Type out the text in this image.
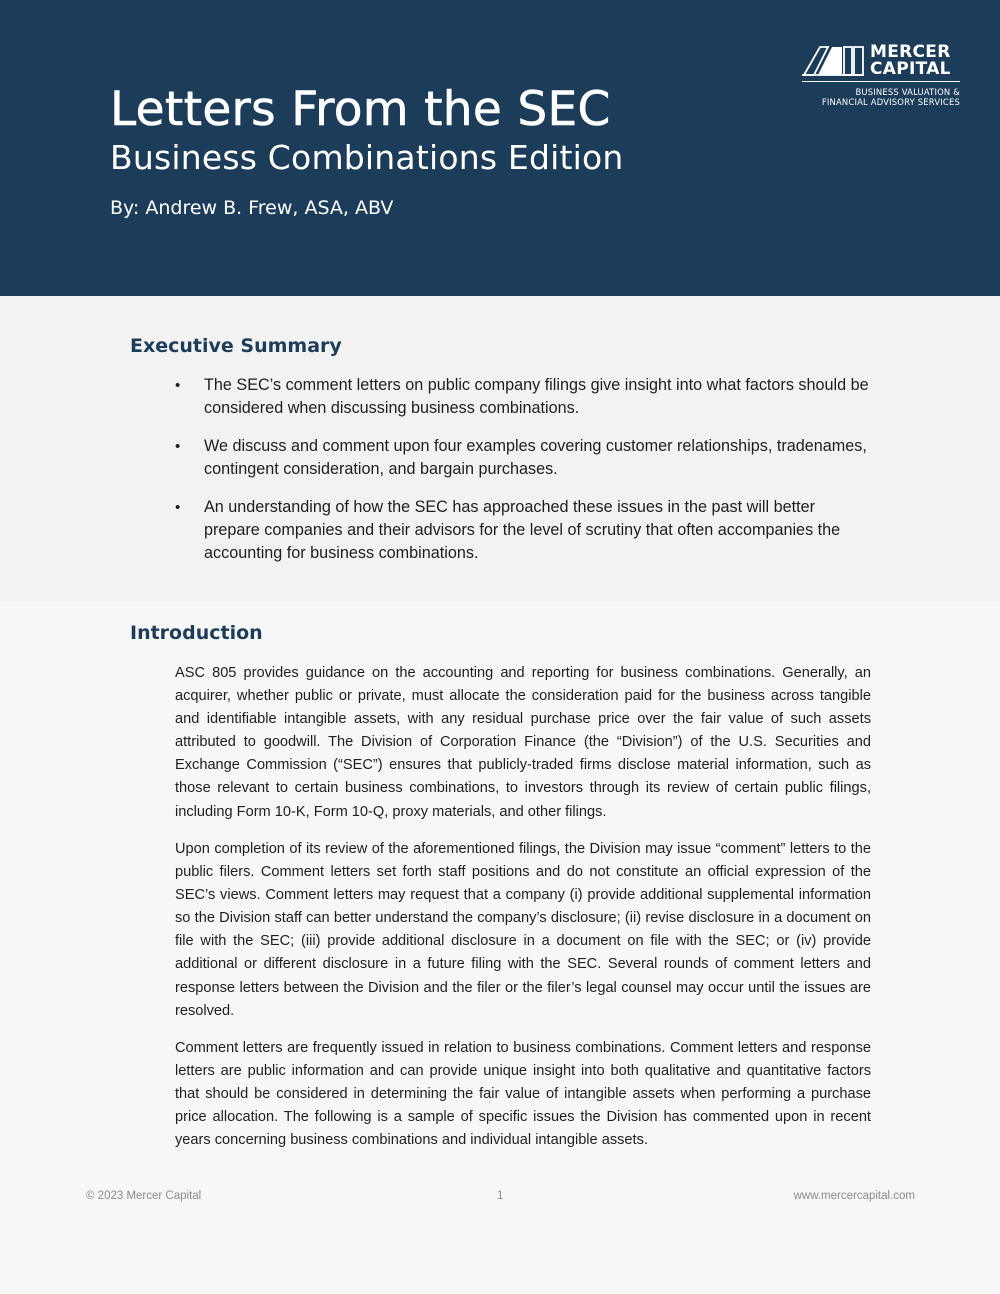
Letters From the SEC
Business Combinations Edition
By: Andrew B. Frew, ASA, ABV
MERCER
CAPITAL
BUSINESS VALUATION &
FINANCIAL ADVISORY SERVICES
Executive Summary
• The SEC’s comment letters on public company filings give insight into what factors should be considered when discussing business combinations.
• We discuss and comment upon four examples covering customer relationships, tradenames, contingent consideration, and bargain purchases.
• An understanding of how the SEC has approached these issues in the past will better prepare companies and their advisors for the level of scrutiny that often accompanies the accounting for business combinations.
Introduction

ASC 805 provides guidance on the accounting and reporting for business combinations. Generally, an acquirer, whether public or private, must allocate the consideration paid for the business across tangible and identifiable intangible assets, with any residual purchase price over the fair value of such assets attributed to goodwill. The Division of Corporation Finance (the “Division”) of the U.S. Securities and Exchange Commission (“SEC”) ensures that publicly-traded firms disclose material information, such as those relevant to certain business combinations, to investors through its review of certain public filings, including Form 10-K, Form 10-Q, proxy materials, and other filings.

Upon completion of its review of the aforementioned filings, the Division may issue “comment” letters to the public filers. Comment letters set forth staff positions and do not constitute an official expression of the SEC’s views. Comment letters may request that a company (i) provide additional supplemental information so the Division staff can better understand the company’s disclosure; (ii) revise disclosure in a document on file with the SEC; (iii) provide additional disclosure in a document on file with the SEC; or (iv) provide additional or different disclosure in a future filing with the SEC. Several rounds of comment letters and response letters between the Division and the filer or the filer’s legal counsel may occur until the issues are resolved.

Comment letters are frequently issued in relation to business combinations. Comment letters and response letters are public information and can provide unique insight into both qualitative and quantitative factors that should be considered in determining the fair value of intangible assets when performing a purchase price allocation. The following is a sample of specific issues the Division has commented upon in recent years concerning business combinations and individual intangible assets.

© 2023 Mercer Capital	1	www.mercercapital.com
